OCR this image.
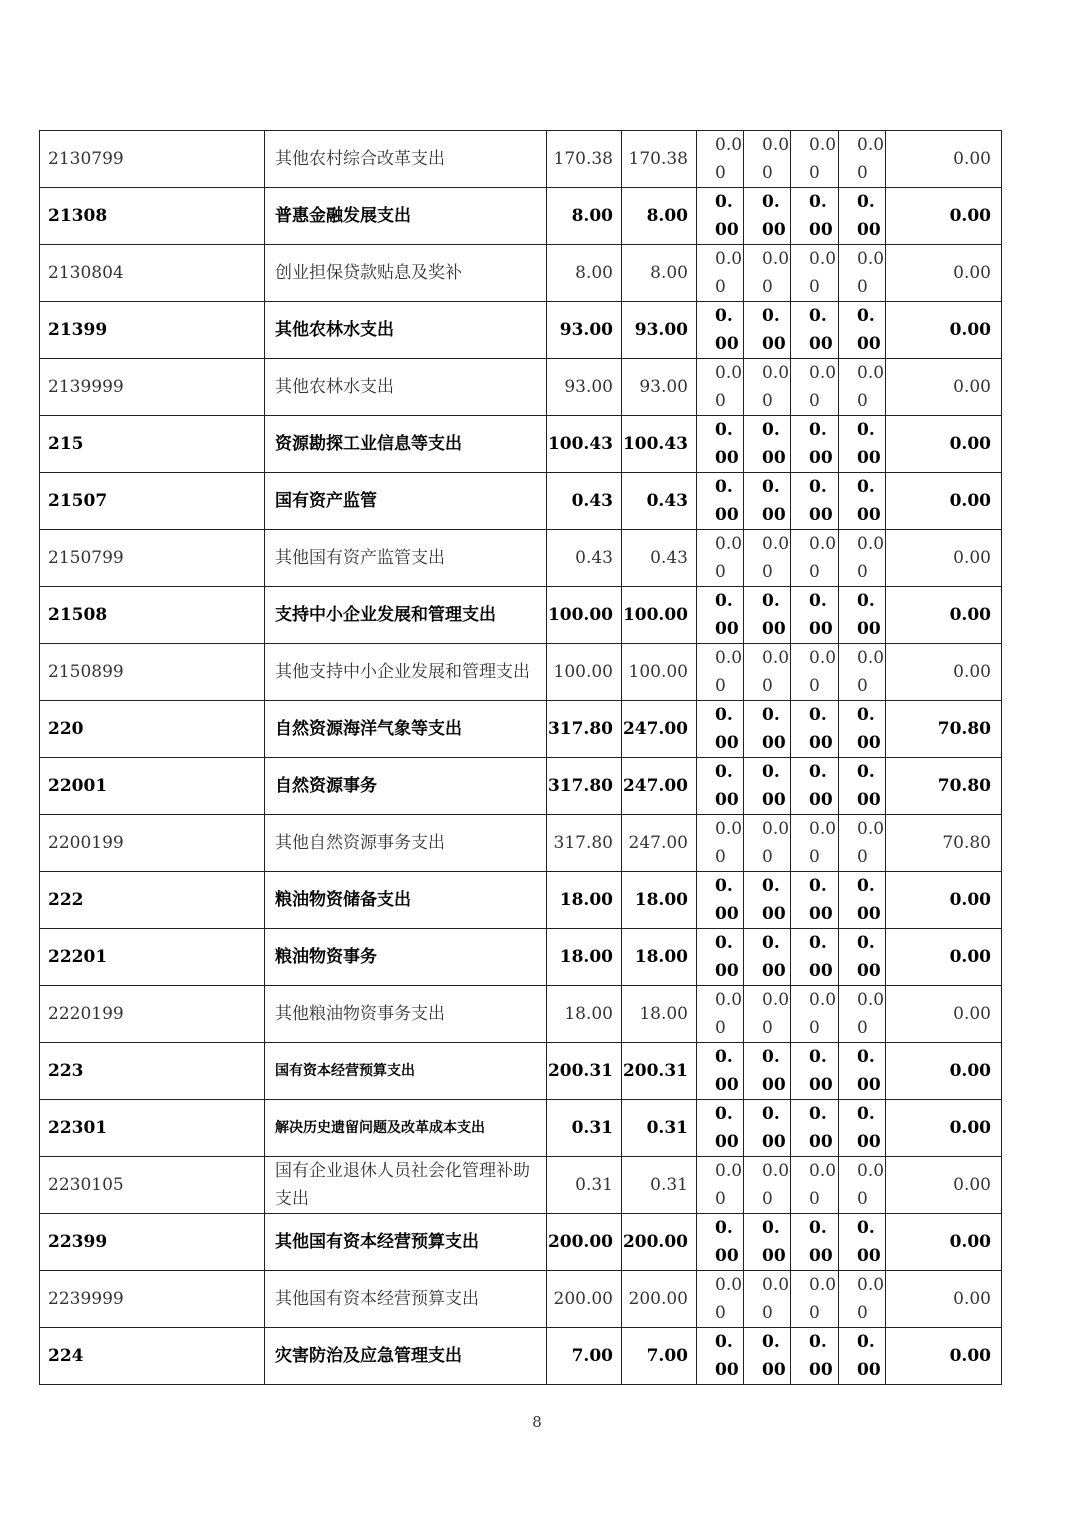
2130799	其他农村综合改革支出	170.38	170.38	0.00	0.00	0.00	0.00	0.00
21308	普惠金融发展支出	8.00	8.00	0.00	0.00	0.00	0.00	0.00
2130804	创业担保贷款贴息及奖补	8.00	8.00	0.00	0.00	0.00	0.00	0.00
21399	其他农林水支出	93.00	93.00	0.00	0.00	0.00	0.00	0.00
2139999	其他农林水支出	93.00	93.00	0.00	0.00	0.00	0.00	0.00
215	资源勘探工业信息等支出	100.43	100.43	0.00	0.00	0.00	0.00	0.00
21507	国有资产监管	0.43	0.43	0.00	0.00	0.00	0.00	0.00
2150799	其他国有资产监管支出	0.43	0.43	0.00	0.00	0.00	0.00	0.00
21508	支持中小企业发展和管理支出	100.00	100.00	0.00	0.00	0.00	0.00	0.00
2150899	其他支持中小企业发展和管理支出	100.00	100.00	0.00	0.00	0.00	0.00	0.00
220	自然资源海洋气象等支出	317.80	247.00	0.00	0.00	0.00	0.00	70.80
22001	自然资源事务	317.80	247.00	0.00	0.00	0.00	0.00	70.80
2200199	其他自然资源事务支出	317.80	247.00	0.00	0.00	0.00	0.00	70.80
222	粮油物资储备支出	18.00	18.00	0.00	0.00	0.00	0.00	0.00
22201	粮油物资事务	18.00	18.00	0.00	0.00	0.00	0.00	0.00
2220199	其他粮油物资事务支出	18.00	18.00	0.00	0.00	0.00	0.00	0.00
223	国有资本经营预算支出	200.31	200.31	0.00	0.00	0.00	0.00	0.00
22301	解决历史遗留问题及改革成本支出	0.31	0.31	0.00	0.00	0.00	0.00	0.00
2230105	国有企业退休人员社会化管理补助支出	0.31	0.31	0.00	0.00	0.00	0.00	0.00
22399	其他国有资本经营预算支出	200.00	200.00	0.00	0.00	0.00	0.00	0.00
2239999	其他国有资本经营预算支出	200.00	200.00	0.00	0.00	0.00	0.00	0.00
224	灾害防治及应急管理支出	7.00	7.00	0.00	0.00	0.00	0.00	0.00
8
